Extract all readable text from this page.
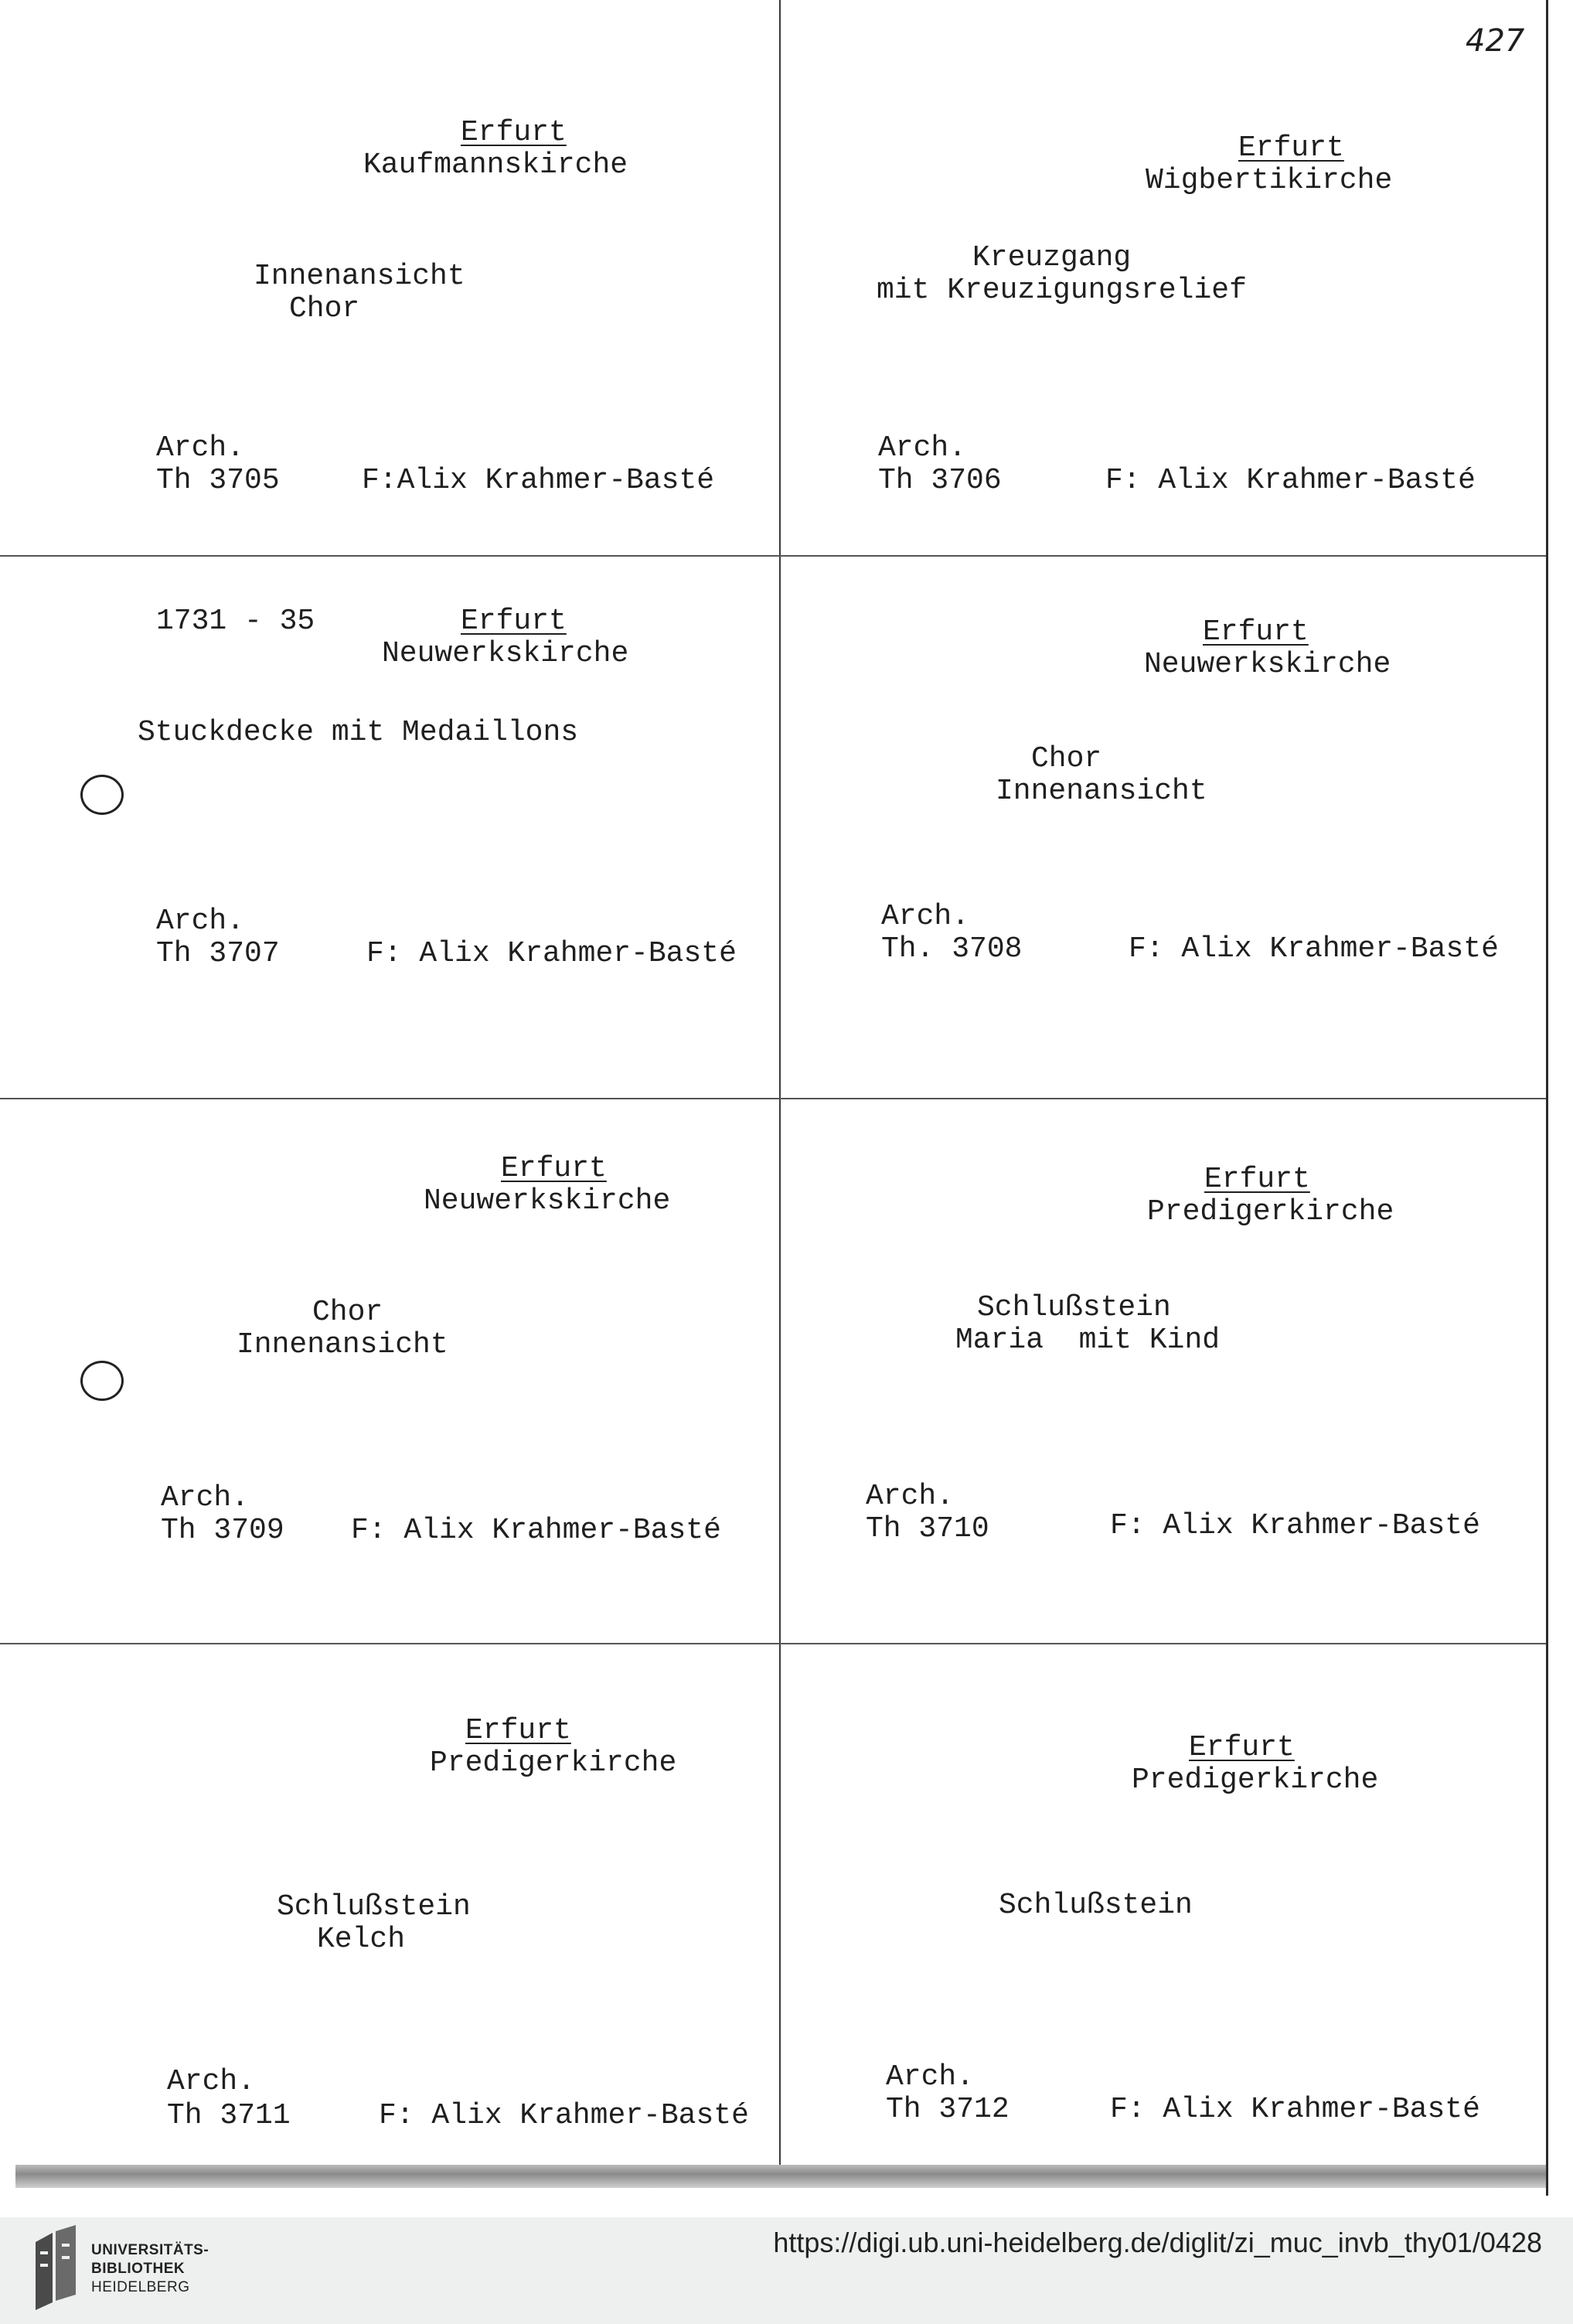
427
Erfurt
Kaufmannskirche
Innenansicht
Chor
Arch.
Th 3705	F:Alix Krahmer-Basté
Erfurt
Wigbertikirche
Kreuzgang
mit Kreuzigungsrelief
Arch.
Th 3706	F: Alix Krahmer-Basté
1731 - 35	Erfurt
Neuwerkskirche
Stuckdecke mit Medaillons
Arch.
Th 3707	F: Alix Krahmer-Basté
Erfurt
Neuwerkskirche
Chor
Innenansicht
Arch.
Th. 3708	F: Alix Krahmer-Basté
Erfurt
Neuwerkskirche
Chor
Innenansicht
Arch.
Th 3709 F: Alix Krahmer-Basté
Erfurt
Predigerkirche
Schlußstein
Maria  mit Kind
Arch.
Th 3710	F: Alix Krahmer-Basté
Erfurt
Predigerkirche
Schlußstein
Kelch
Arch.
Th 3711	F: Alix Krahmer-Basté
Erfurt
Predigerkirche
Schlußstein
Arch.
Th 3712	F: Alix Krahmer-Basté
UNIVERSITÄTS-
BIBLIOTHEK
HEIDELBERG
https://digi.ub.uni-heidelberg.de/diglit/zi_muc_invb_thy01/0428
